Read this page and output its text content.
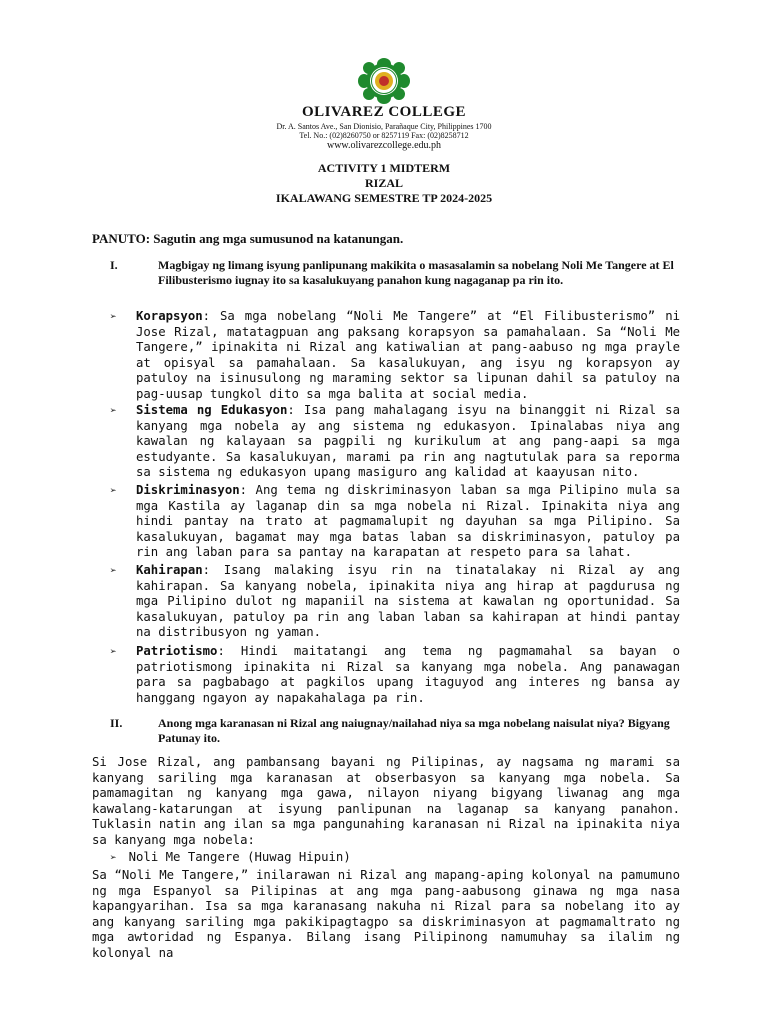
OLIVAREZ COLLEGE
Dr. A. Santos Ave., San Dionisio, Parañaque City, Philippines 1700
Tel. No.: (02)8260750 or 8257119 Fax: (02)8258712
www.olivarezcollege.edu.ph
ACTIVITY 1 MIDTERM
RIZAL
IKALAWANG SEMESTRE TP 2024-2025
PANUTO: Sagutin ang mga sumusunod na katanungan.
I.	Magbigay ng limang isyung panlipunang makikita o masasalamin sa nobelang Noli Me Tangere at El Filibusterismo iugnay ito sa kasalukuyang panahon kung nagaganap pa rin ito.
➢ Korapsyon: Sa mga nobelang “Noli Me Tangere” at “El Filibusterismo” ni Jose Rizal, matatagpuan ang paksang korapsyon sa pamahalaan. Sa “Noli Me Tangere,” ipinakita ni Rizal ang katiwalian at pang-aabuso ng mga prayle at opisyal sa pamahalaan. Sa kasalukuyan, ang isyu ng korapsyon ay patuloy na isinusulong ng maraming sektor sa lipunan dahil sa patuloy na pag-uusap tungkol dito sa mga balita at social media.
➢ Sistema ng Edukasyon: Isa pang mahalagang isyu na binanggit ni Rizal sa kanyang mga nobela ay ang sistema ng edukasyon. Ipinalabas niya ang kawalan ng kalayaan sa pagpili ng kurikulum at ang pang-aapi sa mga estudyante. Sa kasalukuyan, marami pa rin ang nagtutulak para sa reporma sa sistema ng edukasyon upang masiguro ang kalidad at kaayusan nito.
➢ Diskriminasyon: Ang tema ng diskriminasyon laban sa mga Pilipino mula sa mga Kastila ay laganap din sa mga nobela ni Rizal. Ipinakita niya ang hindi pantay na trato at pagmamalupit ng dayuhan sa mga Pilipino. Sa kasalukuyan, bagamat may mga batas laban sa diskriminasyon, patuloy pa rin ang laban para sa pantay na karapatan at respeto para sa lahat.
➢ Kahirapan: Isang malaking isyu rin na tinatalakay ni Rizal ay ang kahirapan. Sa kanyang nobela, ipinakita niya ang hirap at pagdurusa ng mga Pilipino dulot ng mapaniil na sistema at kawalan ng oportunidad. Sa kasalukuyan, patuloy pa rin ang laban laban sa kahirapan at hindi pantay na distribusyon ng yaman.
➢ Patriotismo: Hindi maitatangi ang tema ng pagmamahal sa bayan o patriotismong ipinakita ni Rizal sa kanyang mga nobela. Ang panawagan para sa pagbabago at pagkilos upang itaguyod ang interes ng bansa ay hanggang ngayon ay napakahalaga pa rin.
II.	Anong mga karanasan ni Rizal ang naiugnay/nailahad niya sa mga nobelang naisulat niya? Bigyang Patunay ito.
Si Jose Rizal, ang pambansang bayani ng Pilipinas, ay nagsama ng marami sa kanyang sariling mga karanasan at obserbasyon sa kanyang mga nobela. Sa pamamagitan ng kanyang mga gawa, nilayon niyang bigyang liwanag ang mga kawalang-katarungan at isyung panlipunan na laganap sa kanyang panahon. Tuklasin natin ang ilan sa mga pangunahing karanasan ni Rizal na ipinakita niya sa kanyang mga nobela:
➢ Noli Me Tangere (Huwag Hipuin)
Sa “Noli Me Tangere,” inilarawan ni Rizal ang mapang-aping kolonyal na pamumuno ng mga Espanyol sa Pilipinas at ang mga pang-aabusong ginawa ng mga nasa kapangyarihan. Isa sa mga karanasang nakuha ni Rizal para sa nobelang ito ay ang kanyang sariling mga pakikipagtagpo sa diskriminasyon at pagmamaltrato ng mga awtoridad ng Espanya. Bilang isang Pilipinong namumuhay sa ilalim ng kolonyal na
